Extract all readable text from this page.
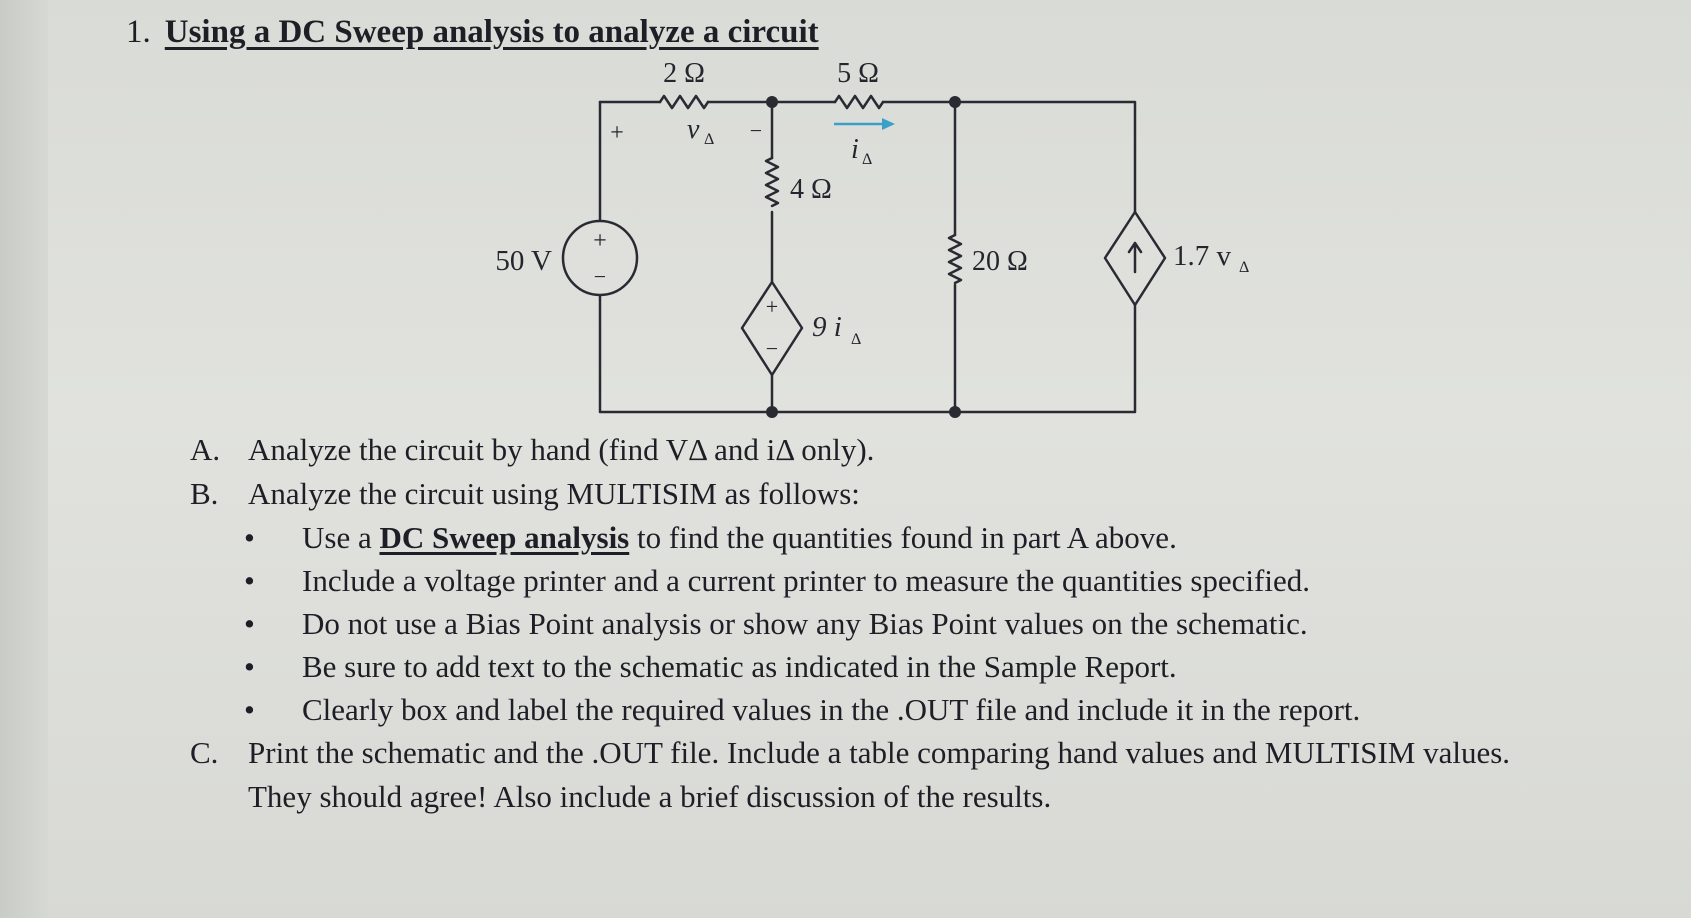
1. Using a DC Sweep analysis to analyze a circuit
2 Ω	5 Ω
4 Ω
20 Ω
50 V
+
−
+	−
v Δ	i Δ
+
−
9 i Δ
1.7 v Δ
A. Analyze the circuit by hand (find VΔ and iΔ only).
B. Analyze the circuit using MULTISIM as follows:
•	Use a DC Sweep analysis to find the quantities found in part A above.
•	Include a voltage printer and a current printer to measure the quantities specified.
•	Do not use a Bias Point analysis or show any Bias Point values on the schematic.
•	Be sure to add text to the schematic as indicated in the Sample Report.
•	Clearly box and label the required values in the .OUT file and include it in the report.
C. Print the schematic and the .OUT file. Include a table comparing hand values and MULTISIM values.
They should agree! Also include a brief discussion of the results.
